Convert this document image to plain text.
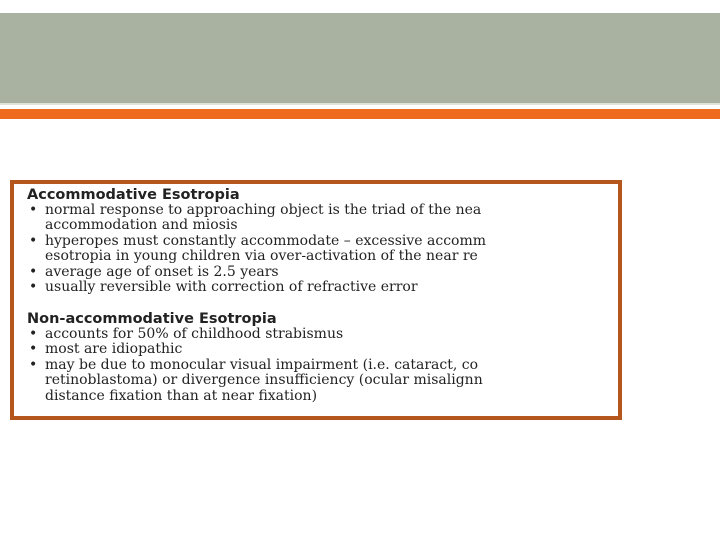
Accommodative Esotropia
• normal response to approaching object is the triad of the nea
accommodation and miosis
• hyperopes must constantly accommodate – excessive accomm
esotropia in young children via over-activation of the near re
• average age of onset is 2.5 years
• usually reversible with correction of refractive error
Non-accommodative Esotropia
• accounts for 50% of childhood strabismus
• most are idiopathic
• may be due to monocular visual impairment (i.e. cataract, co
retinoblastoma) or divergence insufficiency (ocular misalignn
distance fixation than at near fixation)
